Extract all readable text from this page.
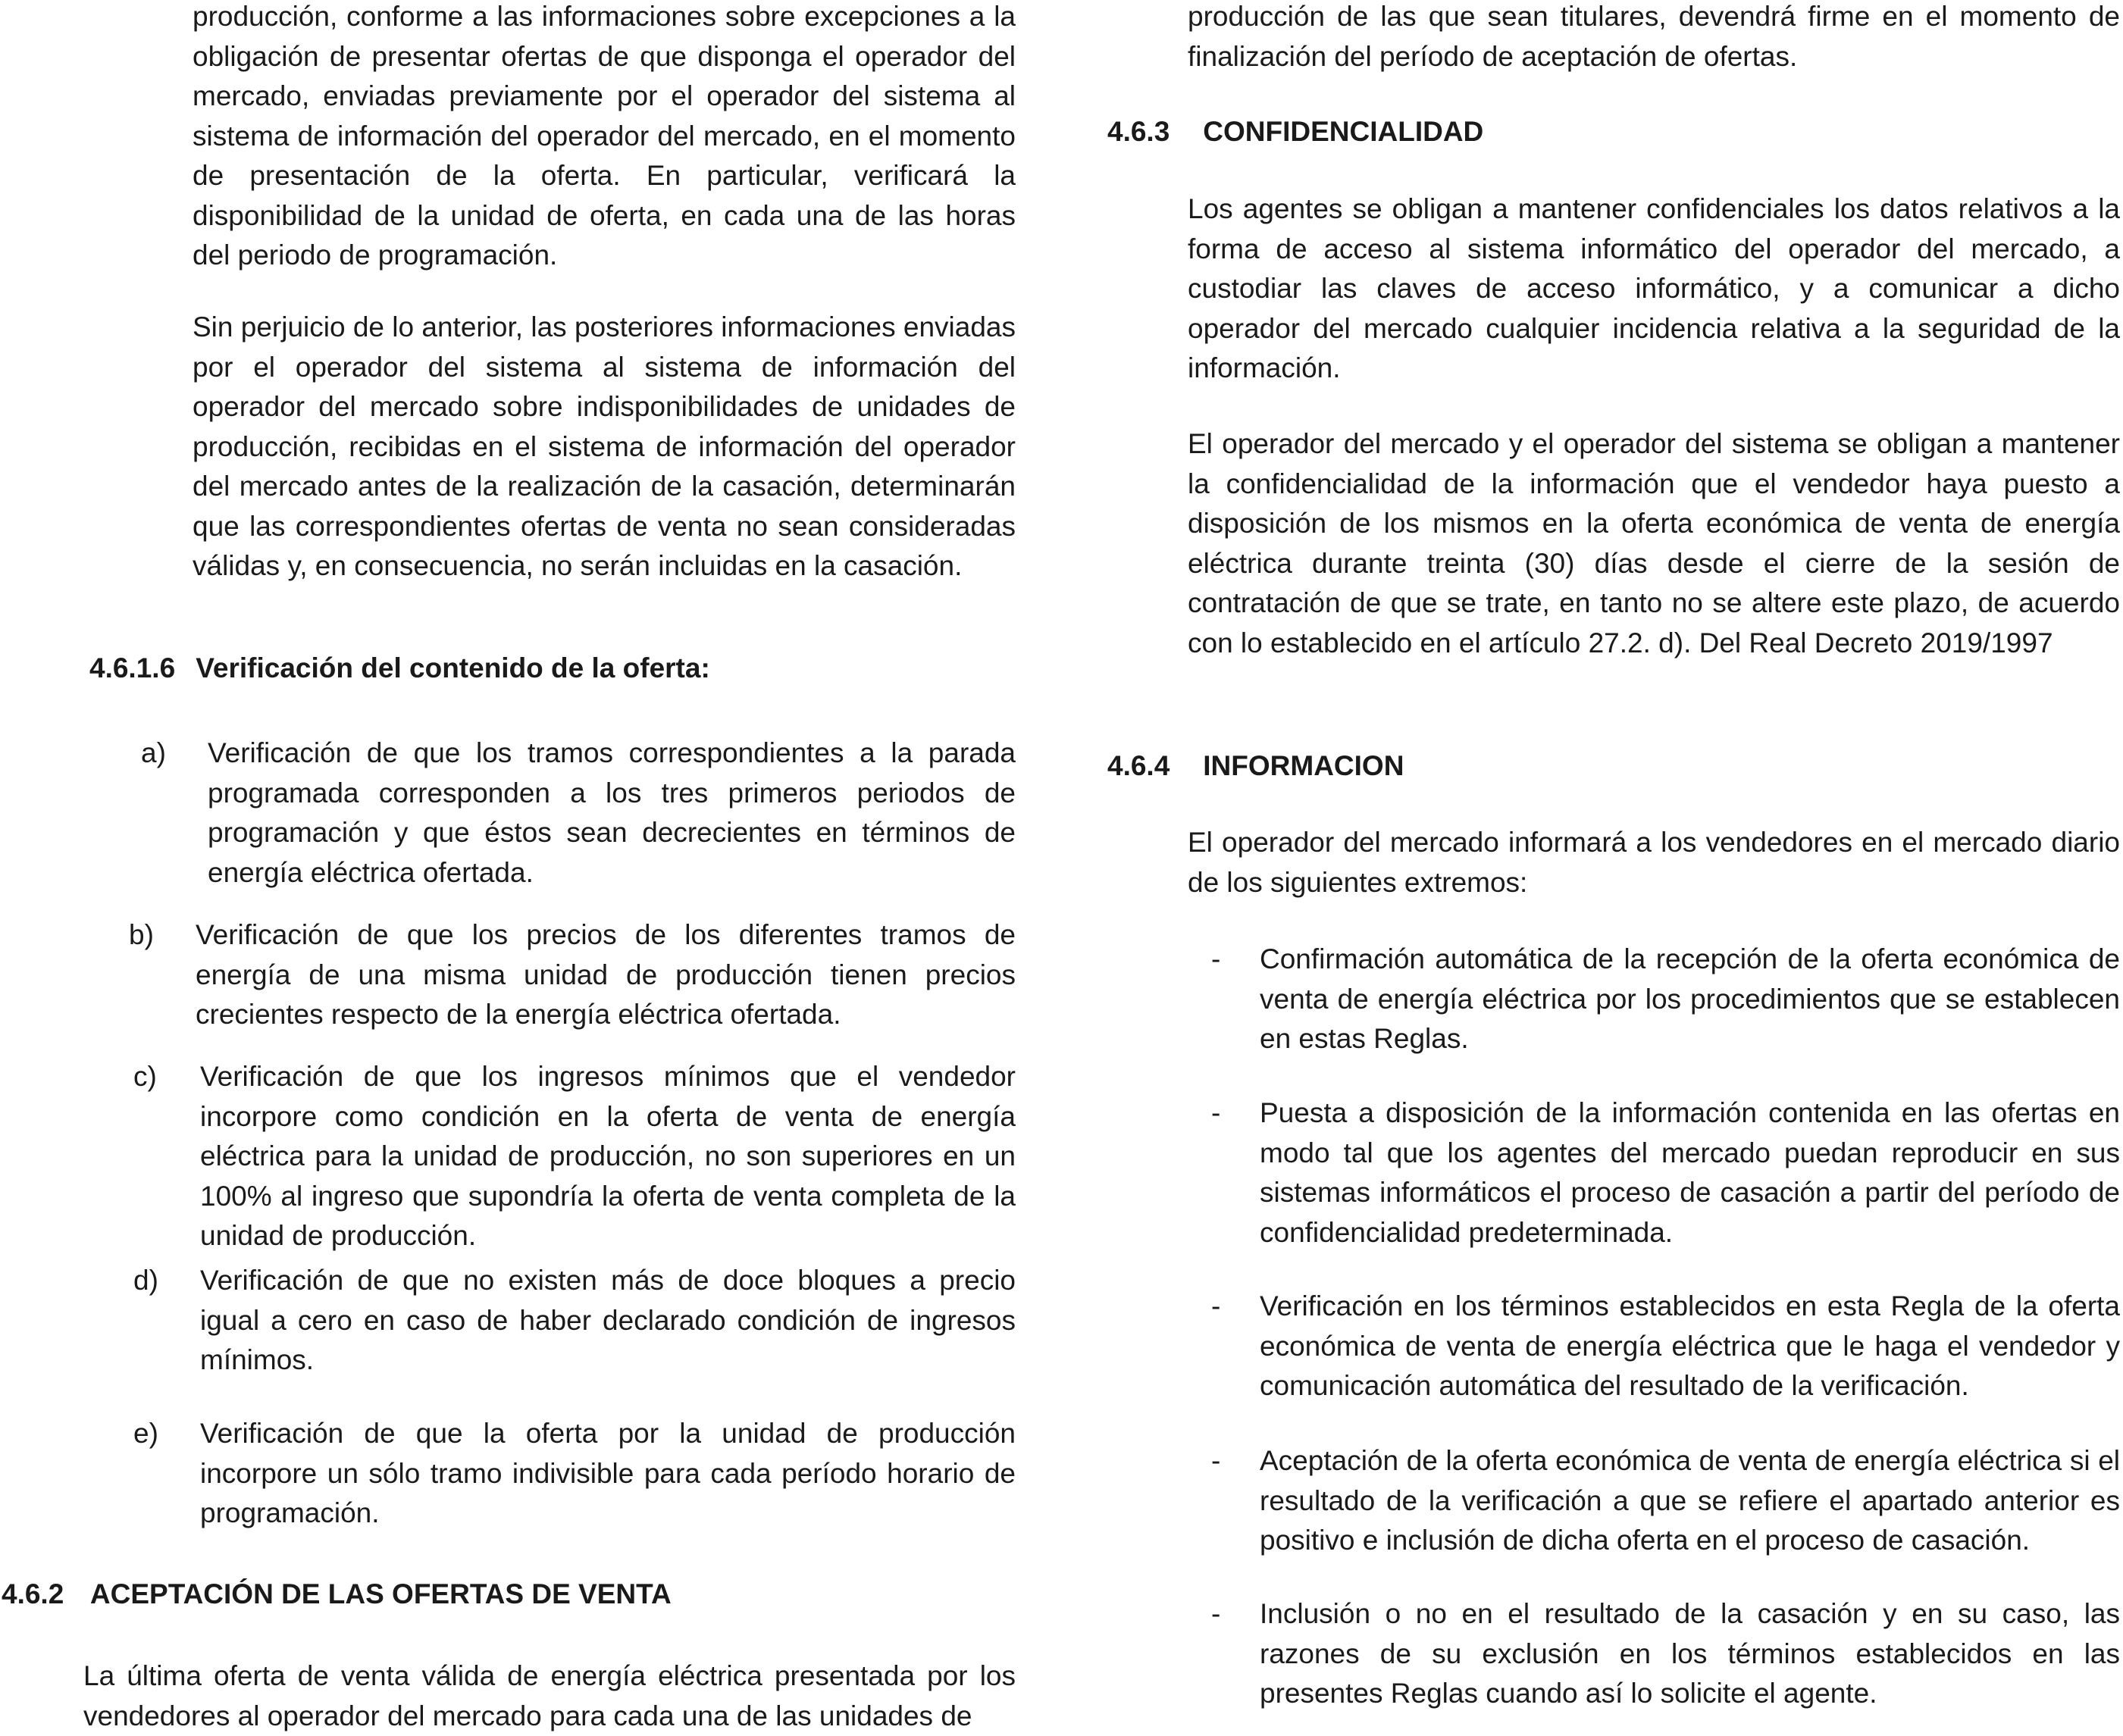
producción, conforme a las informaciones sobre excepciones a la obligación de presentar ofertas de que disponga el operador del mercado, enviadas previamente por el operador del sistema al sistema de información del operador del mercado, en el momento de presentación de la oferta. En particular, verificará la disponibilidad de la unidad de oferta, en cada una de las horas del periodo de programación.

Sin perjuicio de lo anterior, las posteriores informaciones enviadas por el operador del sistema al sistema de información del operador del mercado sobre indisponibilidades de unidades de producción, recibidas en el sistema de información del operador del mercado antes de la realización de la casación, determinarán que las correspondientes ofertas de venta no sean consideradas válidas y, en consecuencia, no serán incluidas en la casación.

4.6.1.6 Verificación del contenido de la oferta:
a) Verificación de que los tramos correspondientes a la parada programada corresponden a los tres primeros periodos de programación y que éstos sean decrecientes en términos de energía eléctrica ofertada.

b) Verificación de que los precios de los diferentes tramos de energía de una misma unidad de producción tienen precios crecientes respecto de la energía eléctrica ofertada.

c) Verificación de que los ingresos mínimos que el vendedor incorpore como condición en la oferta de venta de energía eléctrica para la unidad de producción, no son superiores en un 100% al ingreso que supondría la oferta de venta completa de la unidad de producción.

d) Verificación de que no existen más de doce bloques a precio igual a cero en caso de haber declarado condición de ingresos mínimos.

e) Verificación de que la oferta por la unidad de producción incorpore un sólo tramo indivisible para cada período horario de programación.

4.6.2 ACEPTACIÓN DE LAS OFERTAS DE VENTA

La última oferta de venta válida de energía eléctrica presentada por los vendedores al operador del mercado para cada una de las unidades de

producción de las que sean titulares, devendrá firme en el momento de finalización del período de aceptación de ofertas.

4.6.3 CONFIDENCIALIDAD

Los agentes se obligan a mantener confidenciales los datos relativos a la forma de acceso al sistema informático del operador del mercado, a custodiar las claves de acceso informático, y a comunicar a dicho operador del mercado cualquier incidencia relativa a la seguridad de la información.

El operador del mercado y el operador del sistema se obligan a mantener la confidencialidad de la información que el vendedor haya puesto a disposición de los mismos en la oferta económica de venta de energía eléctrica durante treinta (30) días desde el cierre de la sesión de contratación de que se trate, en tanto no se altere este plazo, de acuerdo con lo establecido en el artículo 27.2. d). Del Real Decreto 2019/1997

4.6.4 INFORMACION

El operador del mercado informará a los vendedores en el mercado diario de los siguientes extremos:

- Confirmación automática de la recepción de la oferta económica de venta de energía eléctrica por los procedimientos que se establecen en estas Reglas.

- Puesta a disposición de la información contenida en las ofertas en modo tal que los agentes del mercado puedan reproducir en sus sistemas informáticos el proceso de casación a partir del período de confidencialidad predeterminada.

- Verificación en los términos establecidos en esta Regla de la oferta económica de venta de energía eléctrica que le haga el vendedor y comunicación automática del resultado de la verificación.

- Aceptación de la oferta económica de venta de energía eléctrica si el resultado de la verificación a que se refiere el apartado anterior es positivo e inclusión de dicha oferta en el proceso de casación.

- Inclusión o no en el resultado de la casación y en su caso, las razones de su exclusión en los términos establecidos en las presentes Reglas cuando así lo solicite el agente.
